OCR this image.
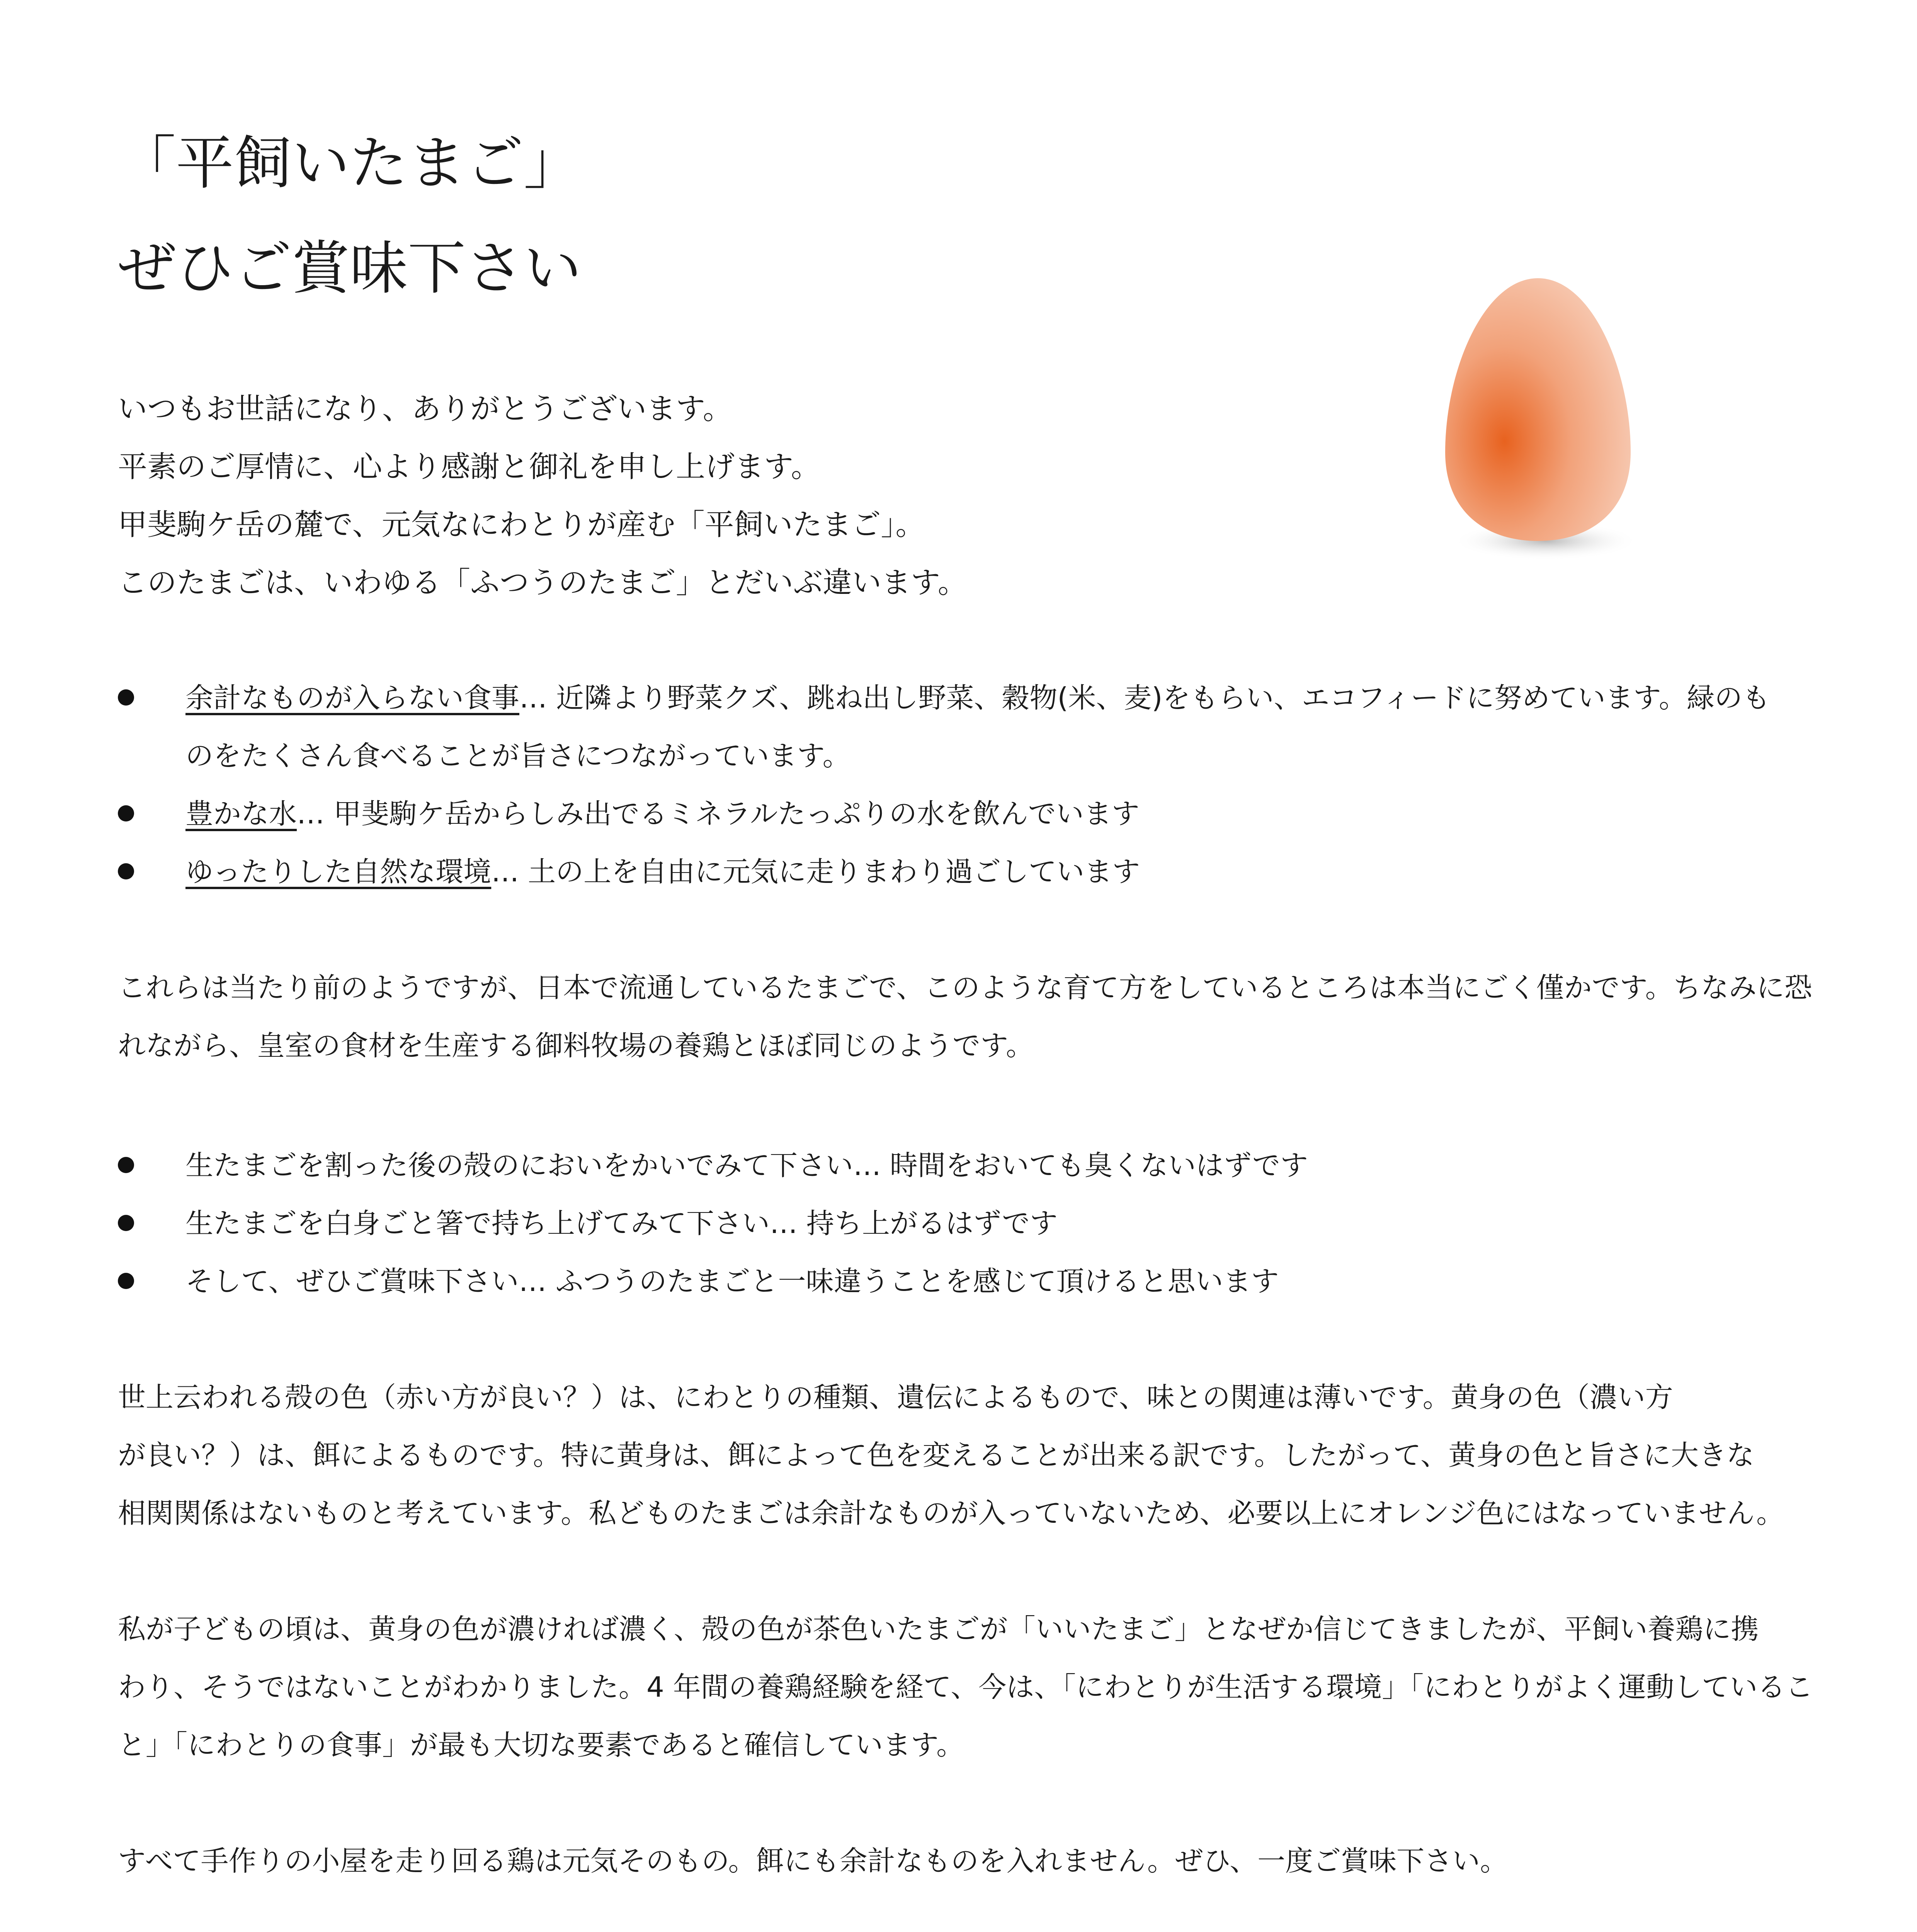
「平飼いたまご」
ぜひご賞味下さい
いつもお世話になり、ありがとうございます。
平素のご厚情に、心より感謝と御礼を申し上げます。
甲斐駒ケ岳の麓で、元気なにわとりが産む「平飼いたまご」。
このたまごは、いわゆる「ふつうのたまご」とだいぶ違います。
余計なものが入らない食事… 近隣より野菜クズ、跳ね出し野菜、穀物(米、麦)をもらい、エコフィードに努めています。緑のも
のをたくさん食べることが旨さにつながっています。
豊かな水… 甲斐駒ケ岳からしみ出でるミネラルたっぷりの水を飲んでいます
ゆったりした自然な環境… 土の上を自由に元気に走りまわり過ごしています
これらは当たり前のようですが、日本で流通しているたまごで、このような育て方をしているところは本当にごく僅かです。ちなみに恐
れながら、皇室の食材を生産する御料牧場の養鶏とほぼ同じのようです。
生たまごを割った後の殻のにおいをかいでみて下さい… 時間をおいても臭くないはずです
生たまごを白身ごと箸で持ち上げてみて下さい… 持ち上がるはずです
そして、ぜひご賞味下さい… ふつうのたまごと一味違うことを感じて頂けると思います
世上云われる殻の色（赤い方が良い？）は、にわとりの種類、遺伝によるもので、味との関連は薄いです。黄身の色（濃い方
が良い？）は、餌によるものです。特に黄身は、餌によって色を変えることが出来る訳です。したがって、黄身の色と旨さに大きな
相関関係はないものと考えています。私どものたまごは余計なものが入っていないため、必要以上にオレンジ色にはなっていません。
私が子どもの頃は、黄身の色が濃ければ濃く、殻の色が茶色いたまごが「いいたまご」となぜか信じてきましたが、平飼い養鶏に携
わり、そうではないことがわかりました。4 年間の養鶏経験を経て、今は、「にわとりが生活する環境」「にわとりがよく運動しているこ
と」「にわとりの食事」が最も大切な要素であると確信しています。
すべて手作りの小屋を走り回る鶏は元気そのもの。餌にも余計なものを入れません。ぜひ、一度ご賞味下さい。
